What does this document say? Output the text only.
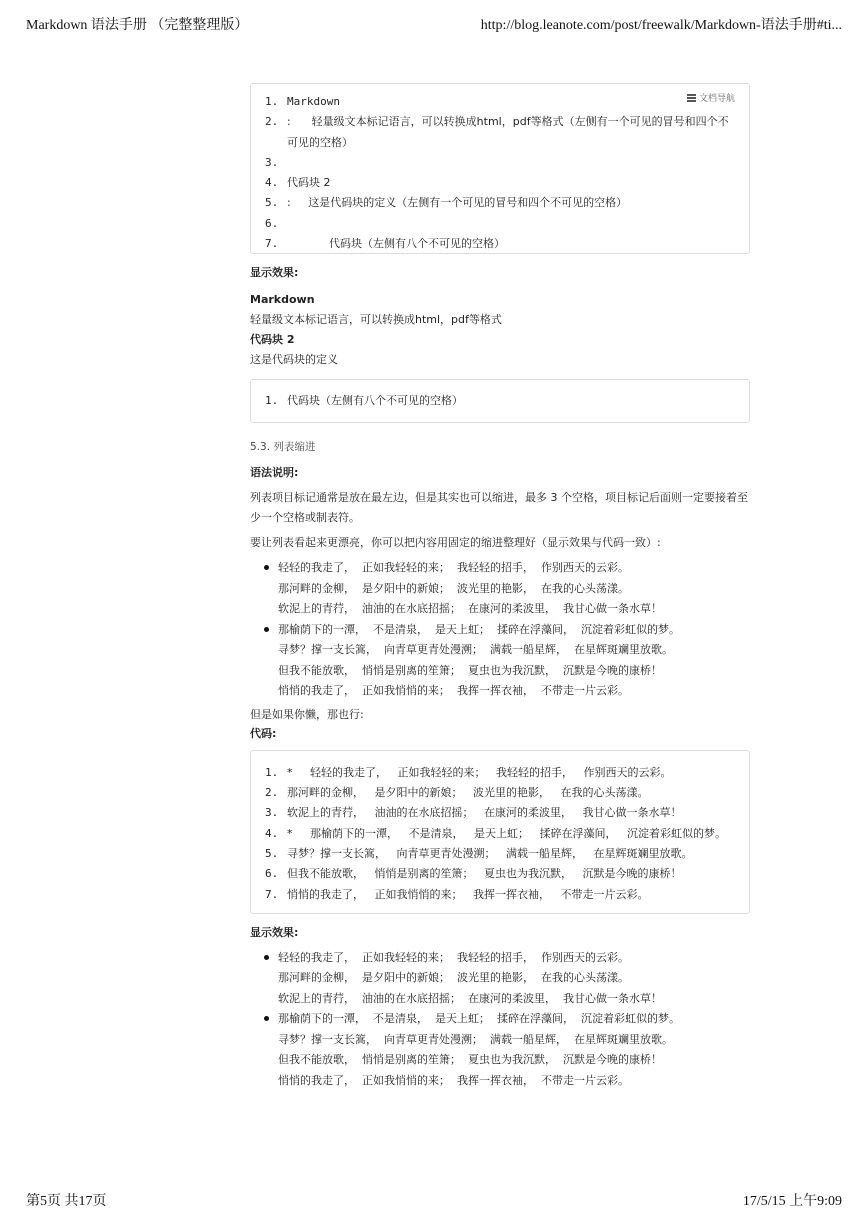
Markdown 语法手册 （完整整理版）	http://blog.leanote.com/post/freewalk/Markdown-语法手册#ti...
文档导航
1. Markdown
2. :      轻量级文本标记语言，可以转换成html，pdf等格式（左侧有一个可见的冒号和四个不可见的空格）
3.
4. 代码块 2
5. :     这是代码块的定义（左侧有一个可见的冒号和四个不可见的空格）
6.
7. 代码块（左侧有八个不可见的空格）

显示效果:

Markdown

轻量级文本标记语言，可以转换成html，pdf等格式

代码块 2

这是代码块的定义

1. 代码块（左侧有八个不可见的空格）

5.3. 列表缩进

语法说明:

列表项目标记通常是放在最左边，但是其实也可以缩进，最多 3 个空格，项目标记后面则一定要接着至少一个空格或制表符。

要让列表看起来更漂亮，你可以把内容用固定的缩进整理好（显示效果与代码一致）:

轻轻的我走了，  正如我轻轻的来；  我轻轻的招手，  作别西天的云彩。
那河畔的金柳，  是夕阳中的新娘；  波光里的艳影，  在我的心头荡漾。
软泥上的青荇，  油油的在水底招摇；  在康河的柔波里，  我甘心做一条水草！
那榆荫下的一潭，  不是清泉，  是天上虹；  揉碎在浮藻间，  沉淀着彩虹似的梦。
寻梦？撑一支长篙，  向青草更青处漫溯；  满载一船星辉，  在星辉斑斓里放歌。
但我不能放歌，  悄悄是别离的笙箫；  夏虫也为我沉默，  沉默是今晚的康桥！
悄悄的我走了，  正如我悄悄的来；  我挥一挥衣袖，  不带走一片云彩。

但是如果你懒，那也行:

代码:

1. *     轻轻的我走了，   正如我轻轻的来；   我轻轻的招手，   作别西天的云彩。
2. 那河畔的金柳，   是夕阳中的新娘；   波光里的艳影，   在我的心头荡漾。
3. 软泥上的青荇，   油油的在水底招摇；   在康河的柔波里，   我甘心做一条水草！
4. *     那榆荫下的一潭，   不是清泉，   是天上虹；   揉碎在浮藻间，   沉淀着彩虹似的梦。
5. 寻梦？撑一支长篙，   向青草更青处漫溯；   满载一船星辉，   在星辉斑斓里放歌。
6. 但我不能放歌，   悄悄是别离的笙箫；   夏虫也为我沉默，   沉默是今晚的康桥！
7. 悄悄的我走了，   正如我悄悄的来；   我挥一挥衣袖，   不带走一片云彩。

显示效果:

轻轻的我走了，  正如我轻轻的来；  我轻轻的招手，  作别西天的云彩。
那河畔的金柳，  是夕阳中的新娘；  波光里的艳影，  在我的心头荡漾。
软泥上的青荇，  油油的在水底招摇；  在康河的柔波里，  我甘心做一条水草！
那榆荫下的一潭，  不是清泉，  是天上虹；  揉碎在浮藻间，  沉淀着彩虹似的梦。
寻梦？撑一支长篙，  向青草更青处漫溯；  满载一船星辉，  在星辉斑斓里放歌。
但我不能放歌，  悄悄是别离的笙箫；  夏虫也为我沉默，  沉默是今晚的康桥！
悄悄的我走了，  正如我悄悄的来；  我挥一挥衣袖，  不带走一片云彩。
第5页 共17页	17/5/15 上午9:09
